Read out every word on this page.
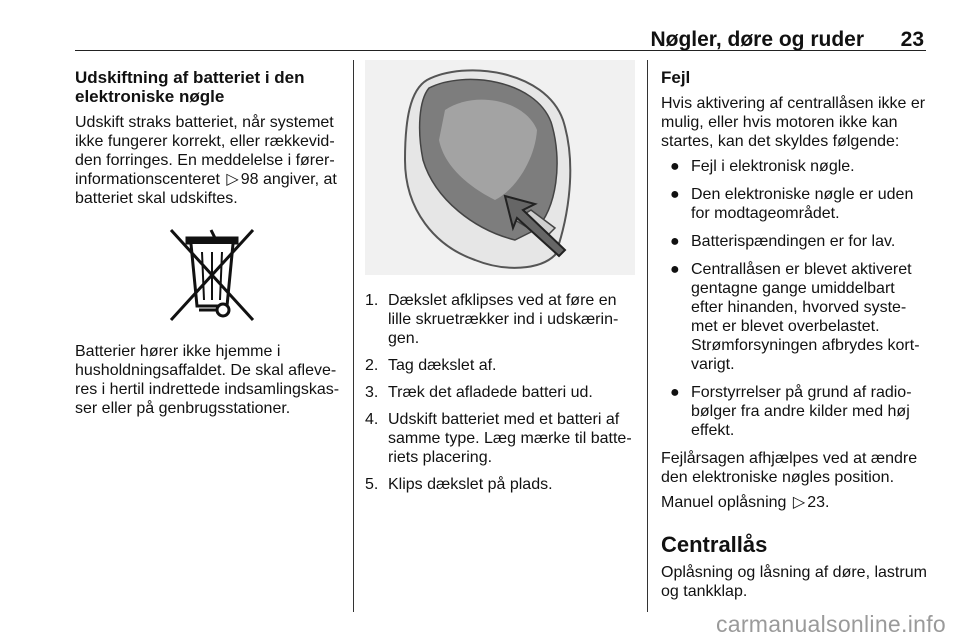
Nøgler, døre og ruder 23
Udskiftning af batteriet i den
elektroniske nøgle

Udskift straks batteriet, når systemet ikke fungerer korrekt, eller rækkevid-den forringes. En meddelelse i fører-informationscenteret ▷ 98 angiver, at batteriet skal udskiftes.

Batterier hører ikke hjemme i husholdningsaffaldet. De skal afleve-res i hertil indrettede indsamlingskas-ser eller på genbrugsstationer.

1. Dækslet afklipses ved at føre en lille skruetrækker ind i udskærin-gen.
2. Tag dækslet af.
3. Træk det afladede batteri ud.
4. Udskift batteriet med et batteri af samme type. Læg mærke til batte-riets placering.
5. Klips dækslet på plads.
Fejl

Hvis aktivering af centrallåsen ikke er mulig, eller hvis motoren ikke kan startes, kan det skyldes følgende:

● Fejl i elektronisk nøgle.
● Den elektroniske nøgle er uden for modtageområdet.
● Batterispændingen er for lav.
● Centrallåsen er blevet aktiveret gentagne gange umiddelbart efter hinanden, hvorved syste-met er blevet overbelastet. Strømforsyningen afbrydes kort-varigt.
● Forstyrrelser på grund af radio-bølger fra andre kilder med høj effekt.

Fejlårsagen afhjælpes ved at ændre den elektroniske nøgles position.

Manuel oplåsning ▷ 23.

Centrallås

Oplåsning og låsning af døre, lastrum og tankklap.

carmanualsonline.info
